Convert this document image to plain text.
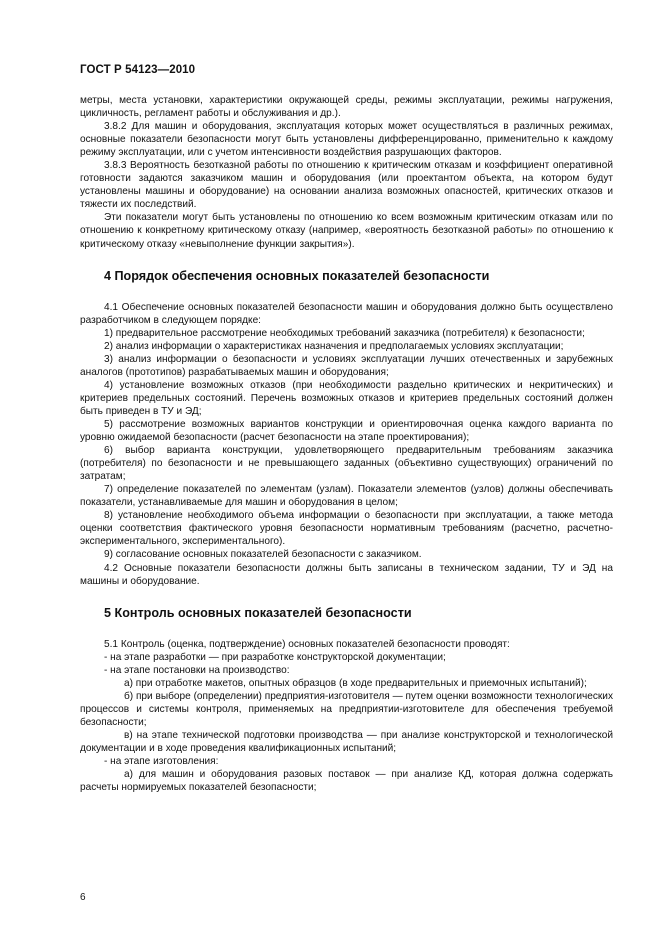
ГОСТ Р 54123—2010

метры, места установки, характеристики окружающей среды, режимы эксплуатации, режимы нагружения, цикличность, регламент работы и обслуживания и др.).

3.8.2 Для машин и оборудования, эксплуатация которых может осуществляться в различных режимах, основные показатели безопасности могут быть установлены дифференцированно, применительно к каждому режиму эксплуатации, или с учетом интенсивности воздействия разрушающих факторов.

3.8.3 Вероятность безотказной работы по отношению к критическим отказам и коэффициент оперативной готовности задаются заказчиком машин и оборудования (или проектантом объекта, на котором будут установлены машины и оборудование) на основании анализа возможных опасностей, критических отказов и тяжести их последствий.

Эти показатели могут быть установлены по отношению ко всем возможным критическим отказам или по отношению к конкретному критическому отказу (например, «вероятность безотказной работы» по отношению к критическому отказу «невыполнение функции закрытия»).

4 Порядок обеспечения основных показателей безопасности

4.1 Обеспечение основных показателей безопасности машин и оборудования должно быть осуществлено разработчиком в следующем порядке:

1) предварительное рассмотрение необходимых требований заказчика (потребителя) к безопасности;

2) анализ информации о характеристиках назначения и предполагаемых условиях эксплуатации;

3) анализ информации о безопасности и условиях эксплуатации лучших отечественных и зарубежных аналогов (прототипов) разрабатываемых машин и оборудования;

4) установление возможных отказов (при необходимости раздельно критических и некритических) и критериев предельных состояний. Перечень возможных отказов и критериев предельных состояний должен быть приведен в ТУ и ЭД;

5) рассмотрение возможных вариантов конструкции и ориентировочная оценка каждого варианта по уровню ожидаемой безопасности (расчет безопасности на этапе проектирования);

6) выбор варианта конструкции, удовлетворяющего предварительным требованиям заказчика (потребителя) по безопасности и не превышающего заданных (объективно существующих) ограничений по затратам;

7) определение показателей по элементам (узлам). Показатели элементов (узлов) должны обеспечивать показатели, устанавливаемые для машин и оборудования в целом;

8) установление необходимого объема информации о безопасности при эксплуатации, а также метода оценки соответствия фактического уровня безопасности нормативным требованиям (расчетно, расчетно-экспериментального, экспериментального).

9) согласование основных показателей безопасности с заказчиком.

4.2 Основные показатели безопасности должны быть записаны в техническом задании, ТУ и ЭД на машины и оборудование.

5 Контроль основных показателей безопасности

5.1 Контроль (оценка, подтверждение) основных показателей безопасности проводят:

- на этапе разработки — при разработке конструкторской документации;

- на этапе постановки на производство:

а) при отработке макетов, опытных образцов (в ходе предварительных и приемочных испытаний);

б) при выборе (определении) предприятия-изготовителя — путем оценки возможности технологических процессов и системы контроля, применяемых на предприятии-изготовителе для обеспечения требуемой безопасности;

в) на этапе технической подготовки производства — при анализе конструкторской и технологической документации и в ходе проведения квалификационных испытаний;

- на этапе изготовления:

а) для машин и оборудования разовых поставок — при анализе КД, которая должна содержать расчеты нормируемых показателей безопасности;

6
